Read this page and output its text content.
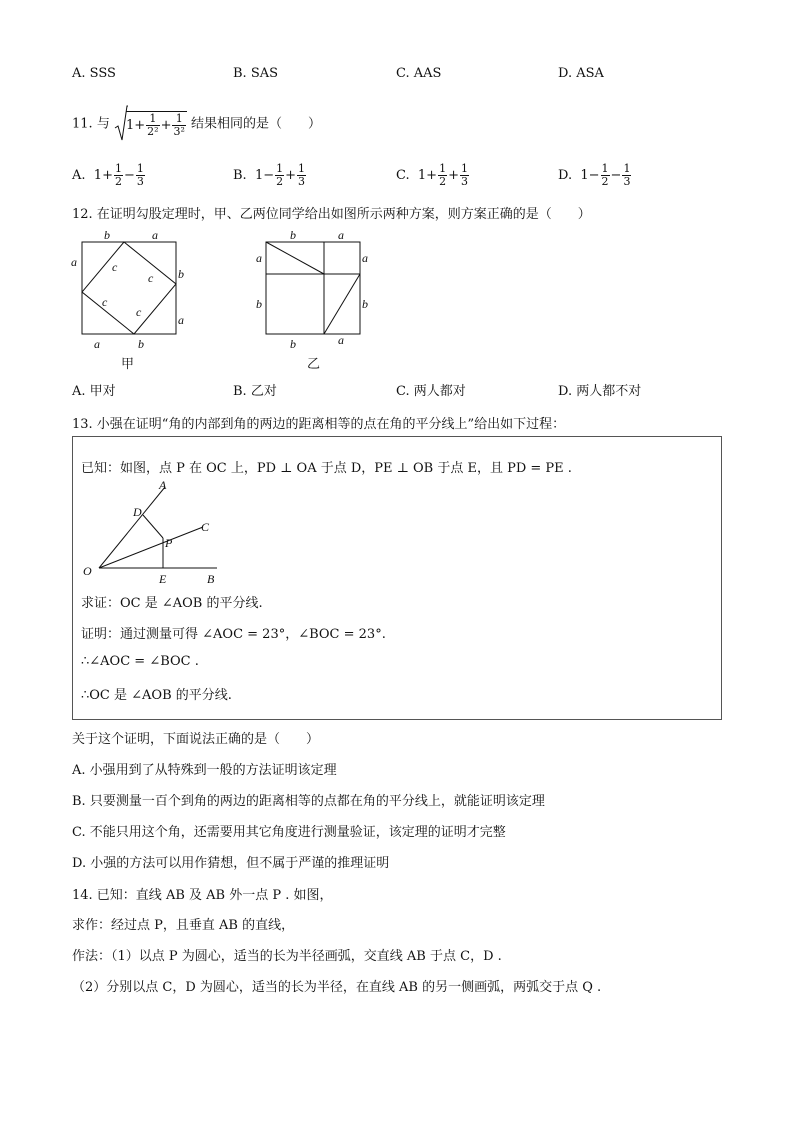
A. SSS	B. SAS	C. AAS	D. ASA
11. 与 $1+ \frac{1}{\text{2²}} + \frac{1}{\text{3²}}$ 结果相同的是（　　）
A. $1+ \frac{1}{2} - \frac{1}{3}$	B. $1- \frac{1}{2} + \frac{1}{3}$	C. $1+ \frac{1}{2} + \frac{1}{3}$	D. $1- \frac{1}{2} - \frac{1}{3}$
12. 在证明勾股定理时，甲、乙两位同学给出如图所示两种方案，则方案正确的是（　　）
b	a
a
b
a
a	b
c
c
c
c
甲
b	a
a	a
b	b
b	a
乙
A. 甲对	B. 乙对	C. 两人都对	D. 两人都不对
13. 小强在证明“角的内部到角的两边的距离相等的点在角的平分线上”给出如下过程：
已知：如图，点 P 在 OC 上，PD ⊥ OA 于点 D，PE ⊥ OB 于点 E，且 PD = PE .
A
D
C
P
O
E	B
求证：OC 是 ∠AOB 的平分线.
证明：通过测量可得 ∠AOC = 23°，∠BOC = 23°.
∴∠AOC = ∠BOC .
∴OC 是 ∠AOB 的平分线.
关于这个证明，下面说法正确的是（　　）
A. 小强用到了从特殊到一般的方法证明该定理
B. 只要测量一百个到角的两边的距离相等的点都在角的平分线上，就能证明该定理
C. 不能只用这个角，还需要用其它角度进行测量验证，该定理的证明才完整
D. 小强的方法可以用作猜想，但不属于严谨的推理证明
14. 已知：直线 AB 及 AB 外一点 P . 如图，
求作：经过点 P，且垂直 AB 的直线，
作法：（1）以点 P 为圆心，适当的长为半径画弧，交直线 AB 于点 C，D .
（2）分别以点 C，D 为圆心，适当的长为半径，在直线 AB 的另一侧画弧，两弧交于点 Q .
